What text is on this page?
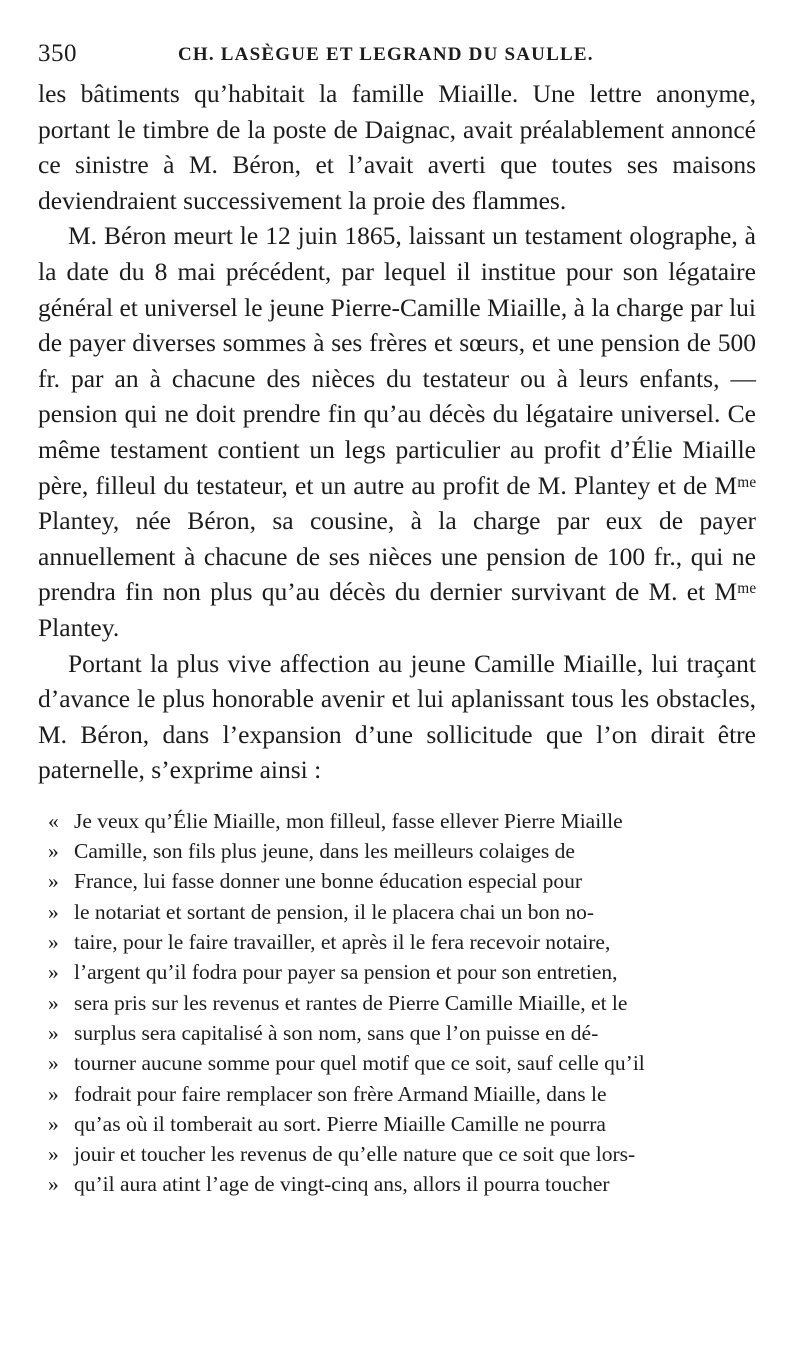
350	CH. LASÈGUE ET LEGRAND DU SAULLE.

les bâtiments qu’habitait la famille Miaille. Une lettre anonyme, portant le timbre de la poste de Daignac, avait préalablement annoncé ce sinistre à M. Béron, et l’avait averti que toutes ses maisons deviendraient successivement la proie des flammes.

M. Béron meurt le 12 juin 1865, laissant un testament olographe, à la date du 8 mai précédent, par lequel il institue pour son légataire général et universel le jeune Pierre-Camille Miaille, à la charge par lui de payer diverses sommes à ses frères et sœurs, et une pension de 500 fr. par an à chacune des nièces du testateur ou à leurs enfants, — pension qui ne doit prendre fin qu’au décès du légataire universel. Ce même testament contient un legs particulier au profit d’Élie Miaille père, filleul du testateur, et un autre au profit de M. Plantey et de Mᵐᵉ Plantey, née Béron, sa cousine, à la charge par eux de payer annuellement à chacune de ses nièces une pension de 100 fr., qui ne prendra fin non plus qu’au décès du dernier survivant de M. et Mᵐᵉ Plantey.

Portant la plus vive affection au jeune Camille Miaille, lui traçant d’avance le plus honorable avenir et lui aplanissant tous les obstacles, M. Béron, dans l’expansion d’une sollicitude que l’on dirait être paternelle, s’exprime ainsi :

« Je veux qu’Élie Miaille, mon filleul, fasse ellever Pierre Miaille
» Camille, son fils plus jeune, dans les meilleurs colaiges de
» France, lui fasse donner une bonne éducation especial pour
» le notariat et sortant de pension, il le placera chai un bon no-
» taire, pour le faire travailler, et après il le fera recevoir notaire,
» l’argent qu’il fodra pour payer sa pension et pour son entretien,
» sera pris sur les revenus et rantes de Pierre Camille Miaille, et le
» surplus sera capitalisé à son nom, sans que l’on puisse en dé-
» tourner aucune somme pour quel motif que ce soit, sauf celle qu’il
» fodrait pour faire remplacer son frère Armand Miaille, dans le
» qu’as où il tomberait au sort. Pierre Miaille Camille ne pourra
» jouir et toucher les revenus de qu’elle nature que ce soit que lors-
» qu’il aura atint l’age de vingt-cinq ans, allors il pourra toucher
